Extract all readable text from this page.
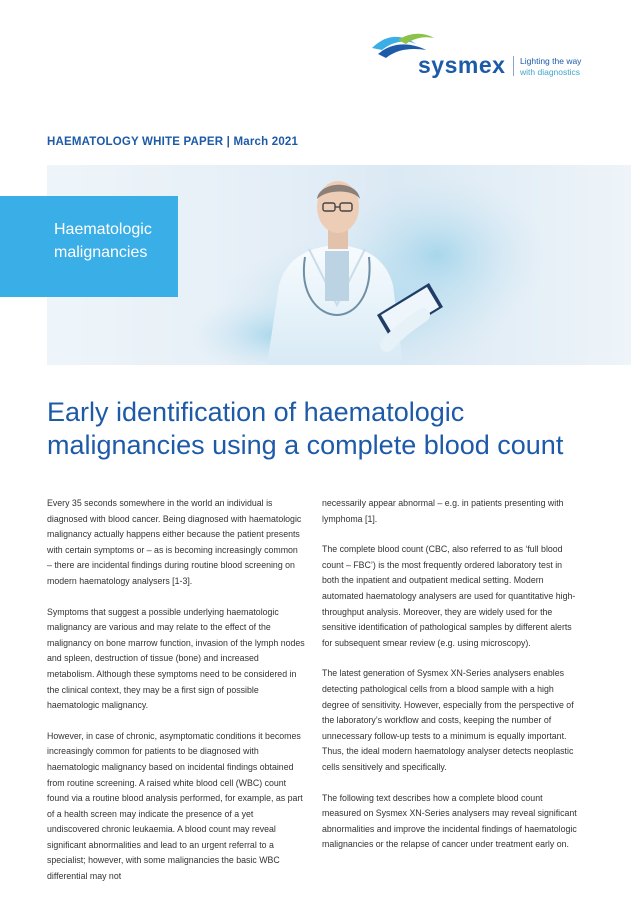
sysmex Lighting the way
with diagnostics
HAEMATOLOGY WHITE PAPER | March 2021
Haematologic
malignancies
Early identification of haematologic
malignancies using a complete blood count

Every 35 seconds somewhere in the world an individual is diagnosed with blood cancer. Being diagnosed with haematologic malignancy actually happens either because the patient presents with certain symptoms or – as is becoming increasingly common – there are incidental findings during routine blood screening on modern haematology analysers [1-3].

Symptoms that suggest a possible underlying haematologic malignancy are various and may relate to the effect of the malignancy on bone marrow function, invasion of the lymph nodes and spleen, destruction of tissue (bone) and increased metabolism. Although these symptoms need to be considered in the clinical context, they may be a first sign of possible haematologic malignancy.

However, in case of chronic, asymptomatic conditions it becomes increasingly common for patients to be diagnosed with haematologic malignancy based on incidental findings obtained from routine screening. A raised white blood cell (WBC) count found via a routine blood analysis performed, for example, as part of a health screen may indicate the presence of a yet undiscovered chronic leukaemia. A blood count may reveal significant abnormalities and lead to an urgent referral to a specialist; however, with some malignancies the basic WBC differential may not

necessarily appear abnormal – e.g. in patients presenting with lymphoma [1].

The complete blood count (CBC, also referred to as ‘full blood count – FBC’) is the most frequently ordered laboratory test in both the inpatient and outpatient medical setting. Modern automated haematology analysers are used for quantitative high-throughput analysis. Moreover, they are widely used for the sensitive identification of pathological samples by different alerts for subsequent smear review (e.g. using microscopy).

The latest generation of Sysmex XN-Series analysers enables detecting pathological cells from a blood sample with a high degree of sensitivity. However, especially from the perspective of the laboratory’s workflow and costs, keeping the number of unnecessary follow-up tests to a minimum is equally important. Thus, the ideal modern haematology analyser detects neoplastic cells sensitively and specifically.

The following text describes how a complete blood count measured on Sysmex XN-Series analysers may reveal significant abnormalities and improve the incidental findings of haematologic malignancies or the relapse of cancer under treatment early on.
